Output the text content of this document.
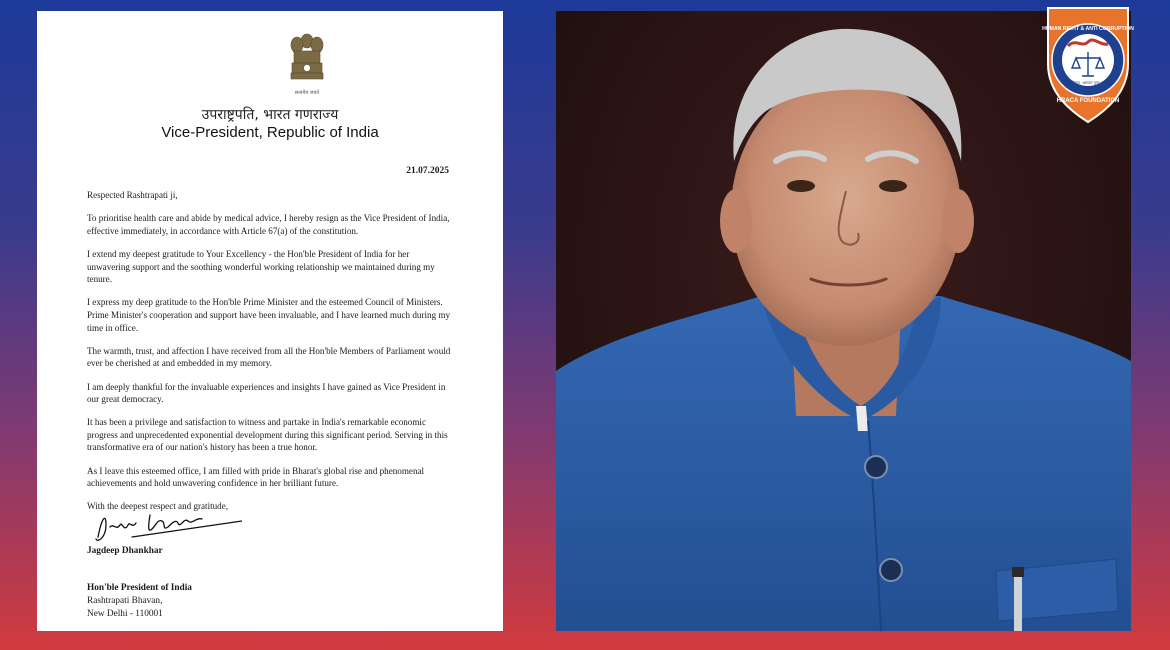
सत्यमेव जयते
उपराष्ट्रपति, भारत गणराज्य
Vice-President, Republic of India
21.07.2025

Respected Rashtrapati ji,

To prioritise health care and abide by medical advice, I hereby resign as the Vice President of India, effective immediately, in accordance with Article 67(a) of the constitution.

I extend my deepest gratitude to Your Excellency - the Hon'ble President of India for her unwavering support and the soothing wonderful working relationship we maintained during my tenure.

I express my deep gratitude to the Hon'ble Prime Minister and the esteemed Council of Ministers. Prime Minister's cooperation and support have been invaluable, and I have learned much during my time in office.

The warmth, trust, and affection I have received from all the Hon'ble Members of Parliament would ever be cherished at and embedded in my memory.

I am deeply thankful for the invaluable experiences and insights I have gained as Vice President in our great democracy.

It has been a privilege and satisfaction to witness and partake in India's remarkable economic progress and unprecedented exponential development during this significant period. Serving in this transformative era of our nation's history has been a true honor.

As I leave this esteemed office, I am filled with pride in Bharat's global rise and phenomenal achievements and hold unwavering confidence in her brilliant future.

With the deepest respect and gratitude,

Jagdeep Dhankhar
Hon'ble President of India
Rashtrapati Bhavan,
New Delhi - 110001
अधिकार, भ्रष्टाचार मुक्त न्याय
HUMAN RIGHT & ANTI CORRUPTION
HRACA FOUNDATION
